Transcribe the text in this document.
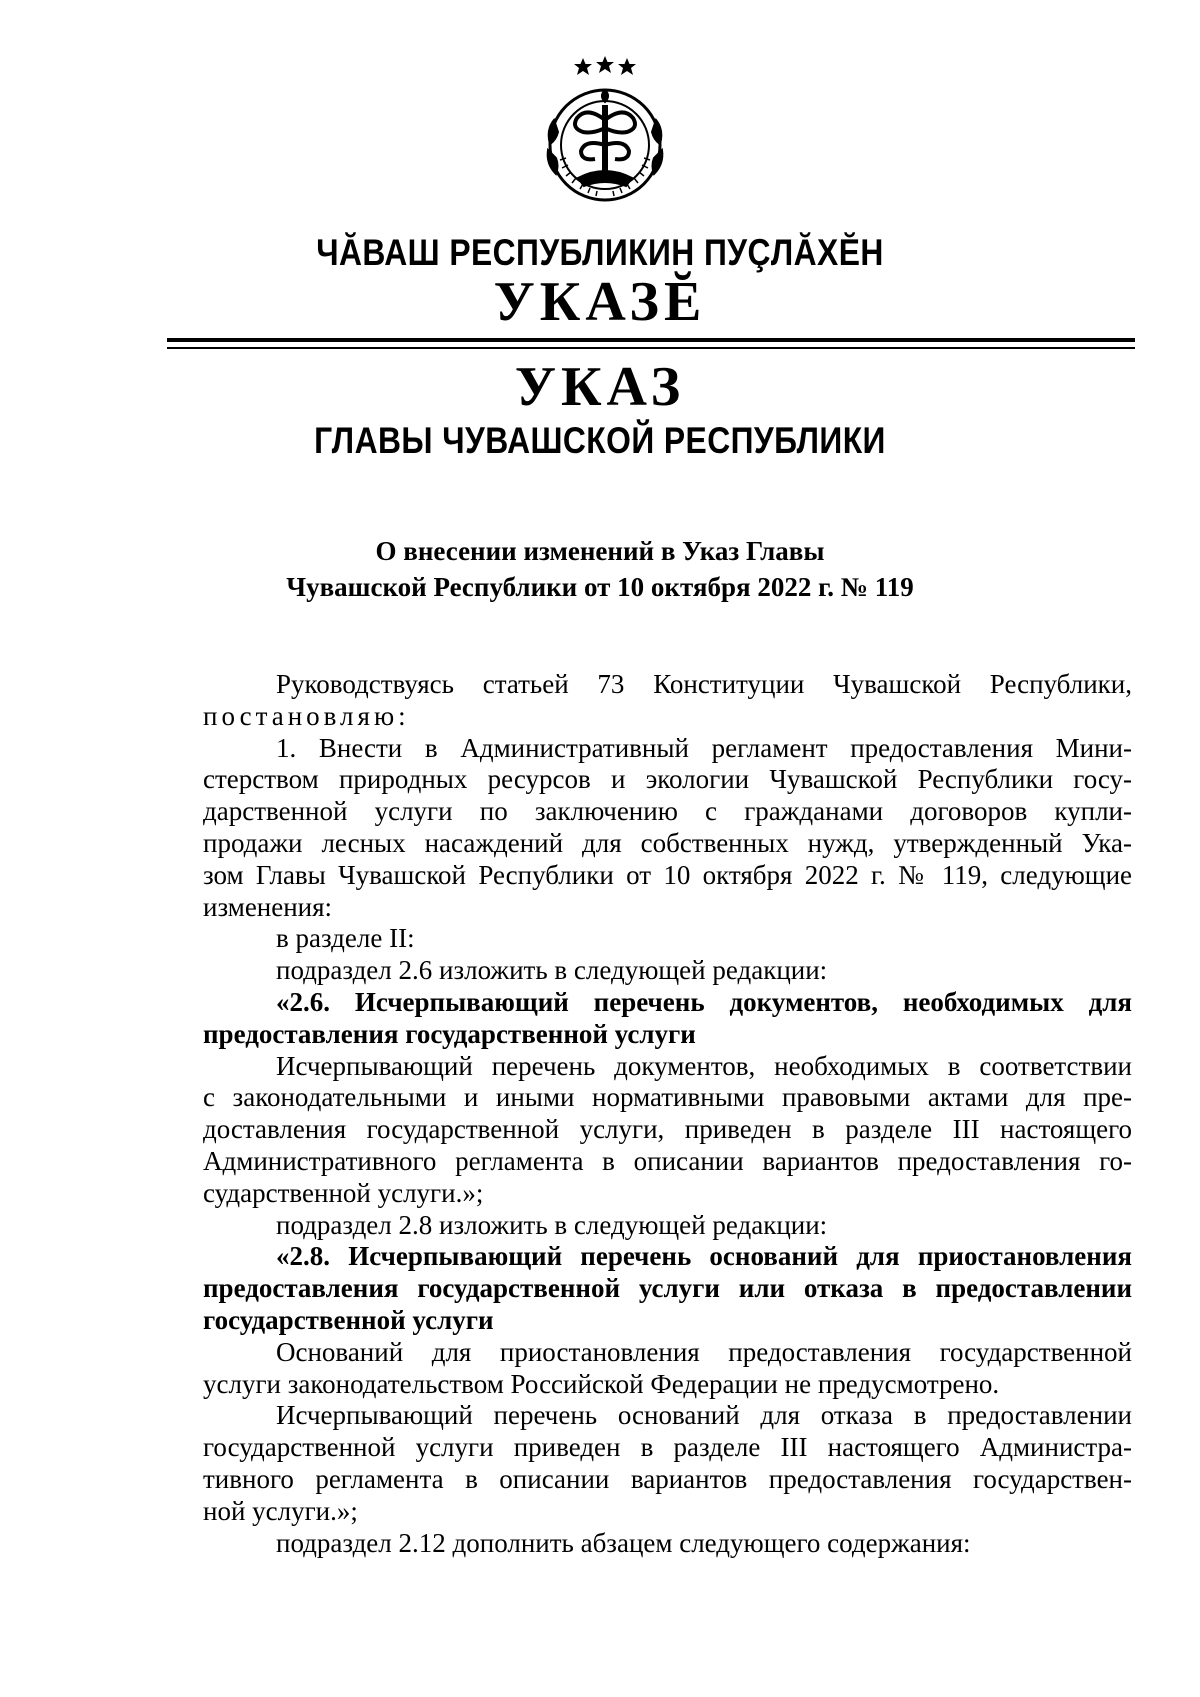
ЧĂВАШ РЕСПУБЛИКИН ПУÇЛĂХĔН
УКАЗĔ
УКАЗ
ГЛАВЫ ЧУВАШСКОЙ РЕСПУБЛИКИ
О внесении изменений в Указ Главы
Чувашской Республики от 10 октября 2022 г. № 119
Руководствуясь статьей 73 Конституции Чувашской Республики,
постановляю:
1. Внести в Административный регламент предоставления Мини-
стерством природных ресурсов и экологии Чувашской Республики госу-
дарственной услуги по заключению с гражданами договоров купли-
продажи лесных насаждений для собственных нужд, утвержденный Ука-
зом Главы Чувашской Республики от 10 октября 2022 г. № 119, следующие
изменения:
в разделе II:
подраздел 2.6 изложить в следующей редакции:
«2.6. Исчерпывающий перечень документов, необходимых для
предоставления государственной услуги
Исчерпывающий перечень документов, необходимых в соответствии
с законодательными и иными нормативными правовыми актами для пре-
доставления государственной услуги, приведен в разделе III настоящего
Административного регламента в описании вариантов предоставления го-
сударственной услуги.»;
подраздел 2.8 изложить в следующей редакции:
«2.8. Исчерпывающий перечень оснований для приостановления
предоставления государственной услуги или отказа в предоставлении
государственной услуги
Оснований для приостановления предоставления государственной
услуги законодательством Российской Федерации не предусмотрено.
Исчерпывающий перечень оснований для отказа в предоставлении
государственной услуги приведен в разделе III настоящего Администра-
тивного регламента в описании вариантов предоставления государствен-
ной услуги.»;
подраздел 2.12 дополнить абзацем следующего содержания:
